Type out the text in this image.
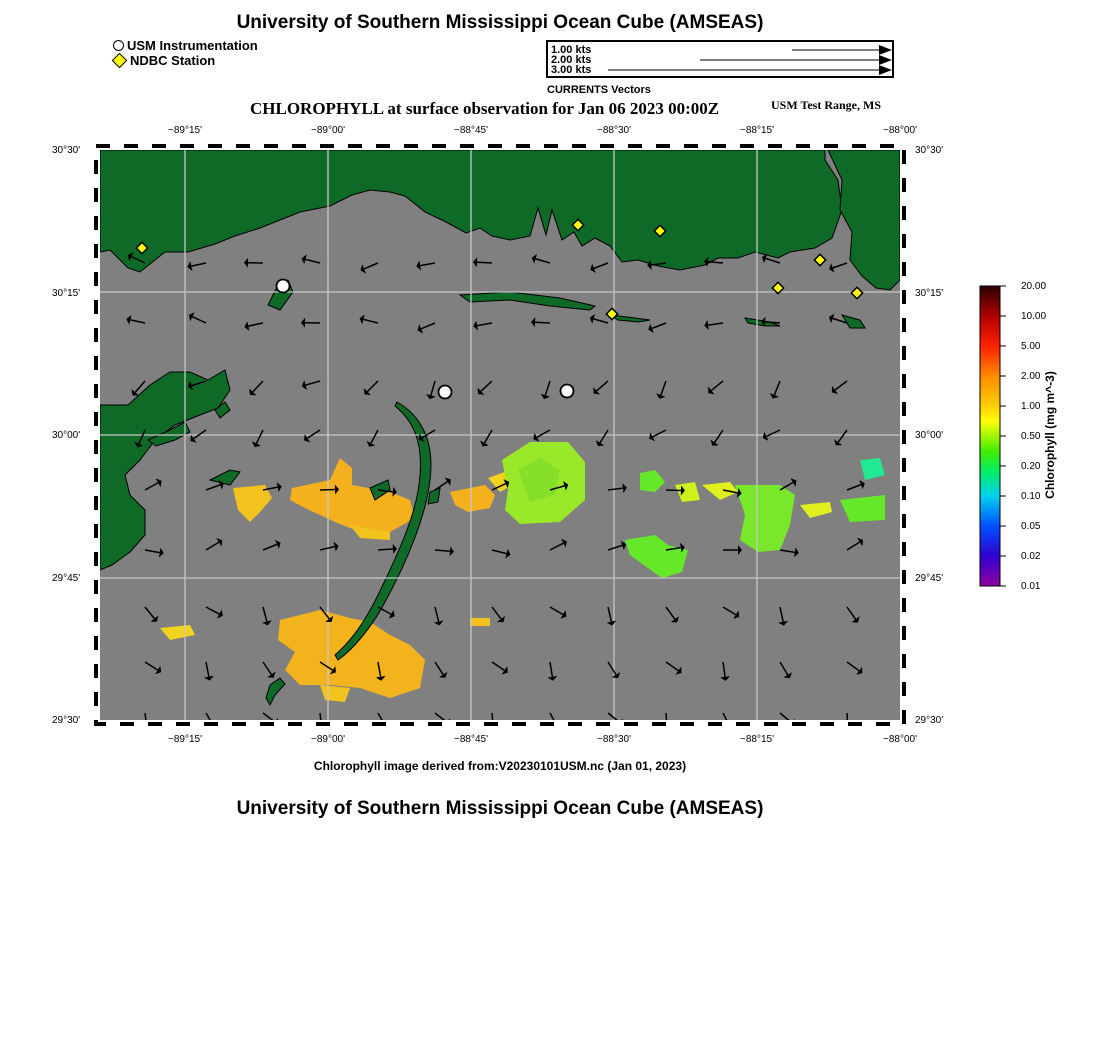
University of Southern Mississippi Ocean Cube (AMSEAS)
USM Instrumentation
NDBC Station
1.00 kts
2.00 kts
3.00 kts
CURRENTS Vectors
CHLOROPHYLL at surface observation for Jan 06 2023 00:00Z	USM Test Range, MS
−89°15'	−89°00'	−88°45'	−88°30'	−88°15'	−88°00'
−89°15'	−89°00'	−88°45'	−88°30'	−88°15'	−88°00'
30°30'
30°15'
30°00'
29°45'
29°30'
30°30'
30°15'
30°00'
29°45'
29°30'
20.00
10.00
5.00
2.00
1.00
0.50
0.20
0.10
0.05
0.02
0.01
Chlorophyll (mg m^-3)
Chlorophyll image derived from:V20230101USM.nc (Jan 01, 2023)
University of Southern Mississippi Ocean Cube (AMSEAS)
